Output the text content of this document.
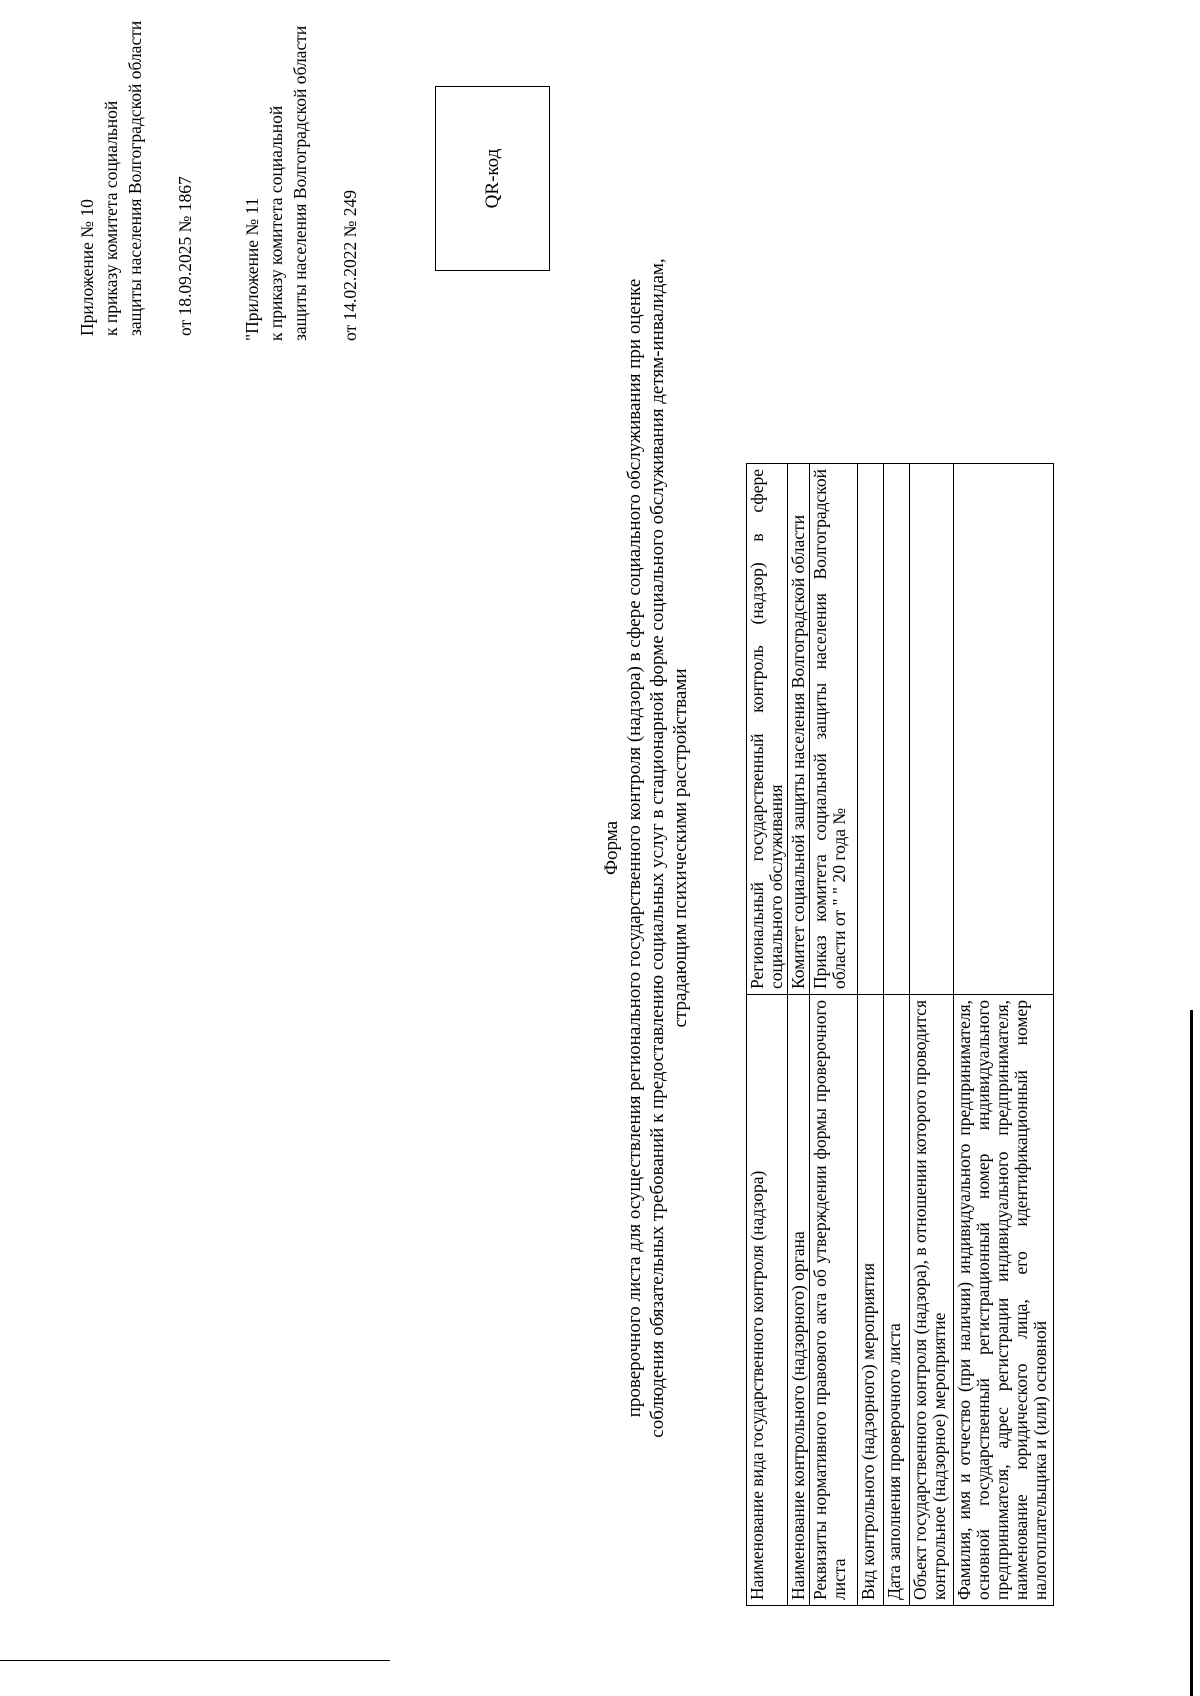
Приложение № 10 к приказу комитета социальной защиты населения Волгоградской области от 18.09.2025 № 1867	"Приложение № 11 к приказу комитета социальной защиты населения Волгоградской области от 14.02.2022 № 249
QR-код
Форма проверочного листа для осуществления регионального государственного контроля (надзора) в сфере социального обслуживания при оценке соблюдения обязательных требований к предоставлению социальных услуг в стационарной форме социального обслуживания детям-инвалидам, страдающим психическими расстройствами
Наименование вида государственного контроля (надзора)	Региональный государственный контроль (надзор) в сфере социального обслуживания
Наименование контрольного (надзорного) органа	Комитет социальной защиты населения Волгоградской области
Реквизиты нормативного правового акта об утверждении формы проверочного листа	Приказ комитета социальной защиты населения Волгоградской области от " " 20 года №
Вид контрольного (надзорного) мероприятия	
Дата заполнения проверочного листа	
Объект государственного контроля (надзора), в отношении которого проводится контрольное (надзорное) мероприятие	
Фамилия, имя и отчество (при наличии) индивидуального предпринимателя, основной государственный регистрационный номер индивидуального предпринимателя, адрес регистрации индивидуального предпринимателя, наименование юридического лица, его идентификационный номер налогоплательщика и (или) основной	
